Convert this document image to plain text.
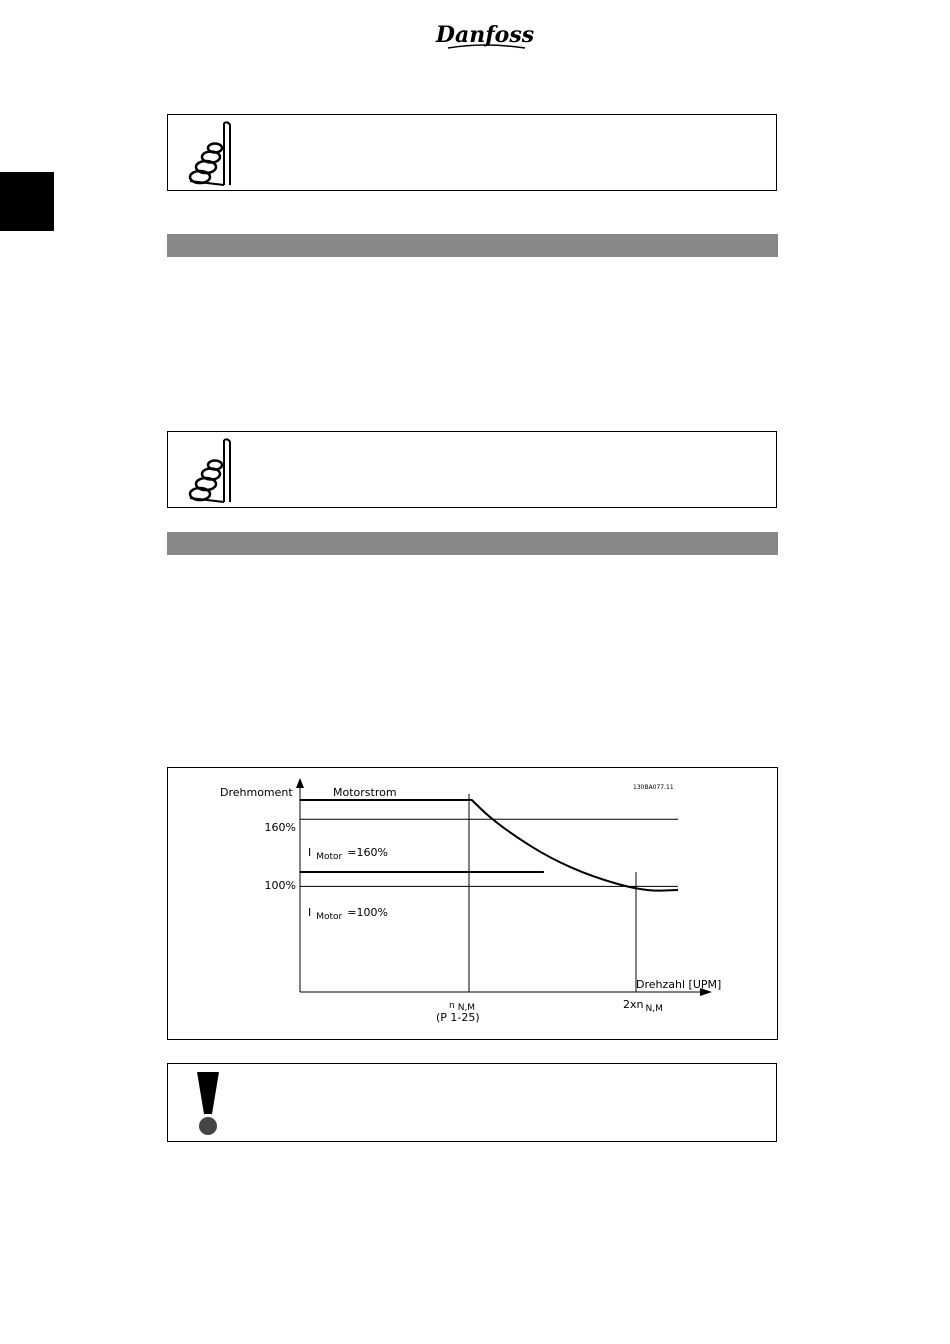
Danfoss
130BA077.11
Drehmoment	Motorstrom
Drehzahl [UPM]
160%
100%
I $_{Motor}$ =160%
I $_{Motor}$ =100%
n N,M
(P 1-25)
2xn $_{N,M}$
